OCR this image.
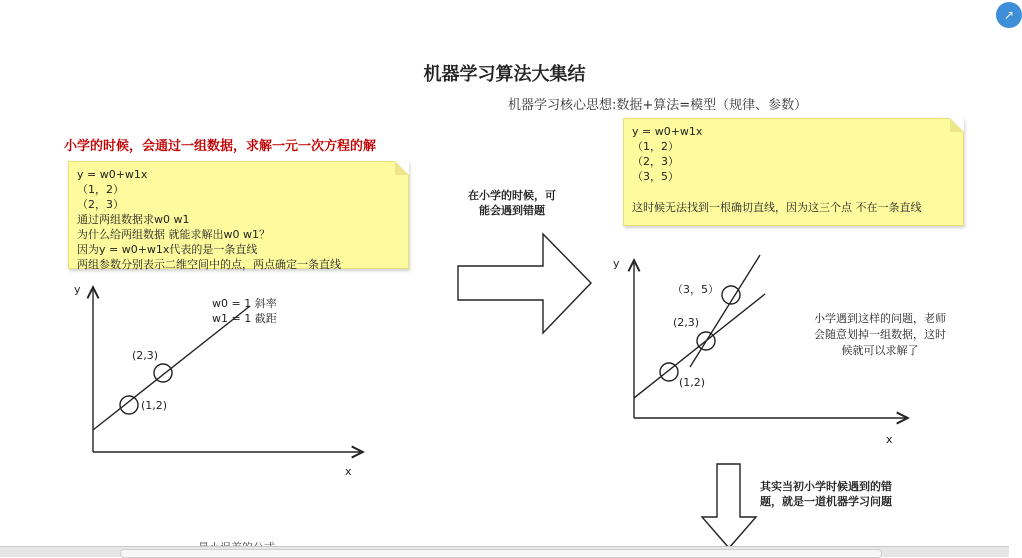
机器学习算法大集结
机器学习核心思想:数据+算法=模型（规律、参数）
小学的时候，会通过一组数据，求解一元一次方程的解
y = w0+w1x
（1，2）
（2，3）
通过两组数据求w0 w1
为什么给两组数据 就能求解出w0 w1？
因为y = w0+w1x代表的是一条直线
两组参数分别表示二维空间中的点，两点确定一条直线
y
x
w0 = 1 斜率
w1 = 1 截距
(2,3)
(1,2)
在小学的时候，可
能会遇到错题
y = w0+w1x
（1，2）
（2，3）
（3，5）
这时候无法找到一根确切直线，因为这三个点 不在一条直线
y
x
（3，5）
(2,3)
(1,2)
小学遇到这样的问题，老师
会随意划掉一组数据，这时
候就可以求解了
其实当初小学时候遇到的错
题，就是一道机器学习问题
↗
